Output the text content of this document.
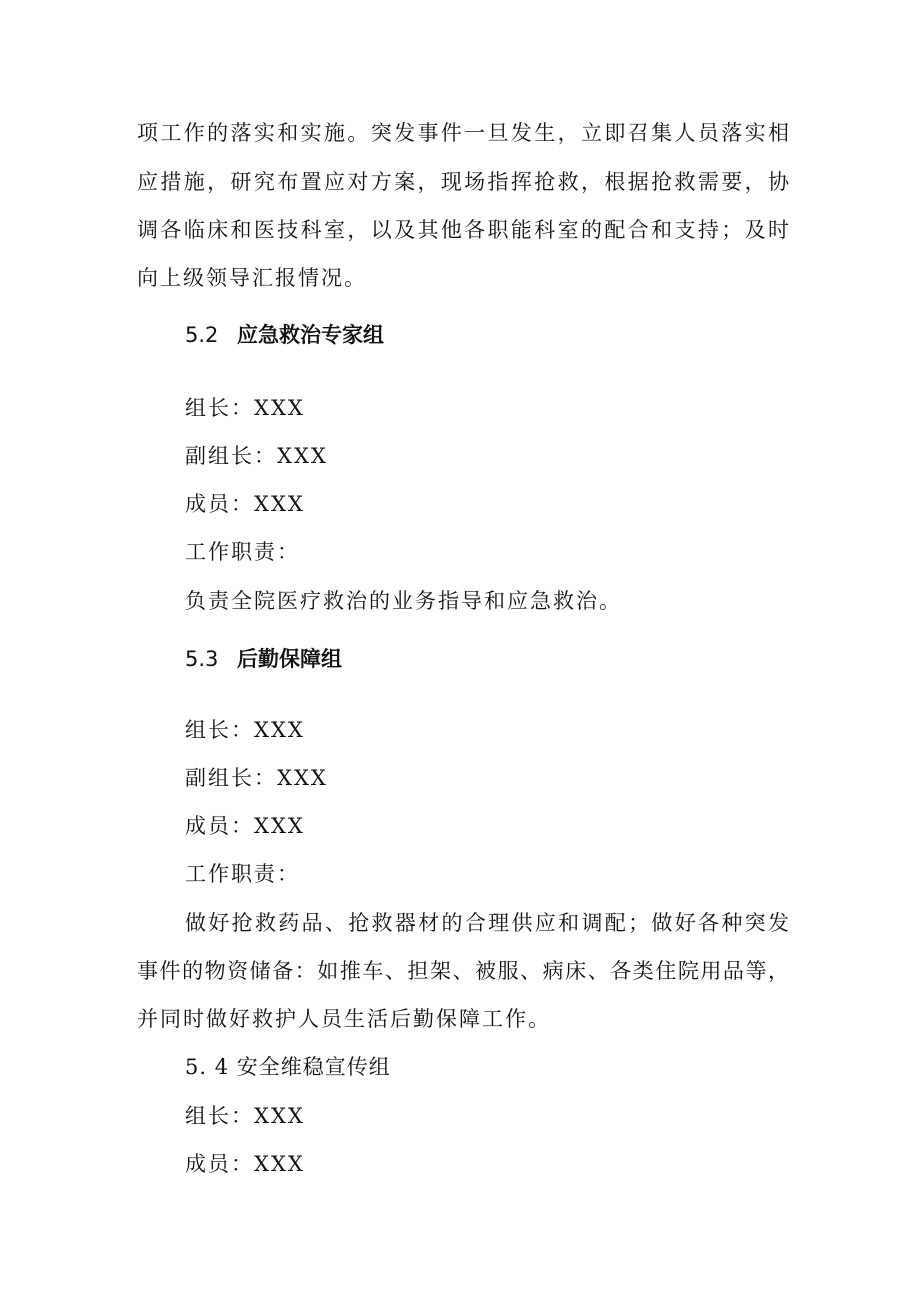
项工作的落实和实施。突发事件一旦发生，立即召集人员落实相
应措施，研究布置应对方案，现场指挥抢救，根据抢救需要，协
调各临床和医技科室，以及其他各职能科室的配合和支持；及时
向上级领导汇报情况。
5.2 应急救治专家组
组长：XXX
副组长：XXX
成员：XXX
工作职责：
负责全院医疗救治的业务指导和应急救治。
5.3 后勤保障组
组长：XXX
副组长：XXX
成员：XXX
工作职责：
做好抢救药品、抢救器材的合理供应和调配；做好各种突发
事件的物资储备：如推车、担架、被服、病床、各类住院用品等，
并同时做好救护人员生活后勤保障工作。
5. 4 安全维稳宣传组
组长：XXX
成员：XXX
